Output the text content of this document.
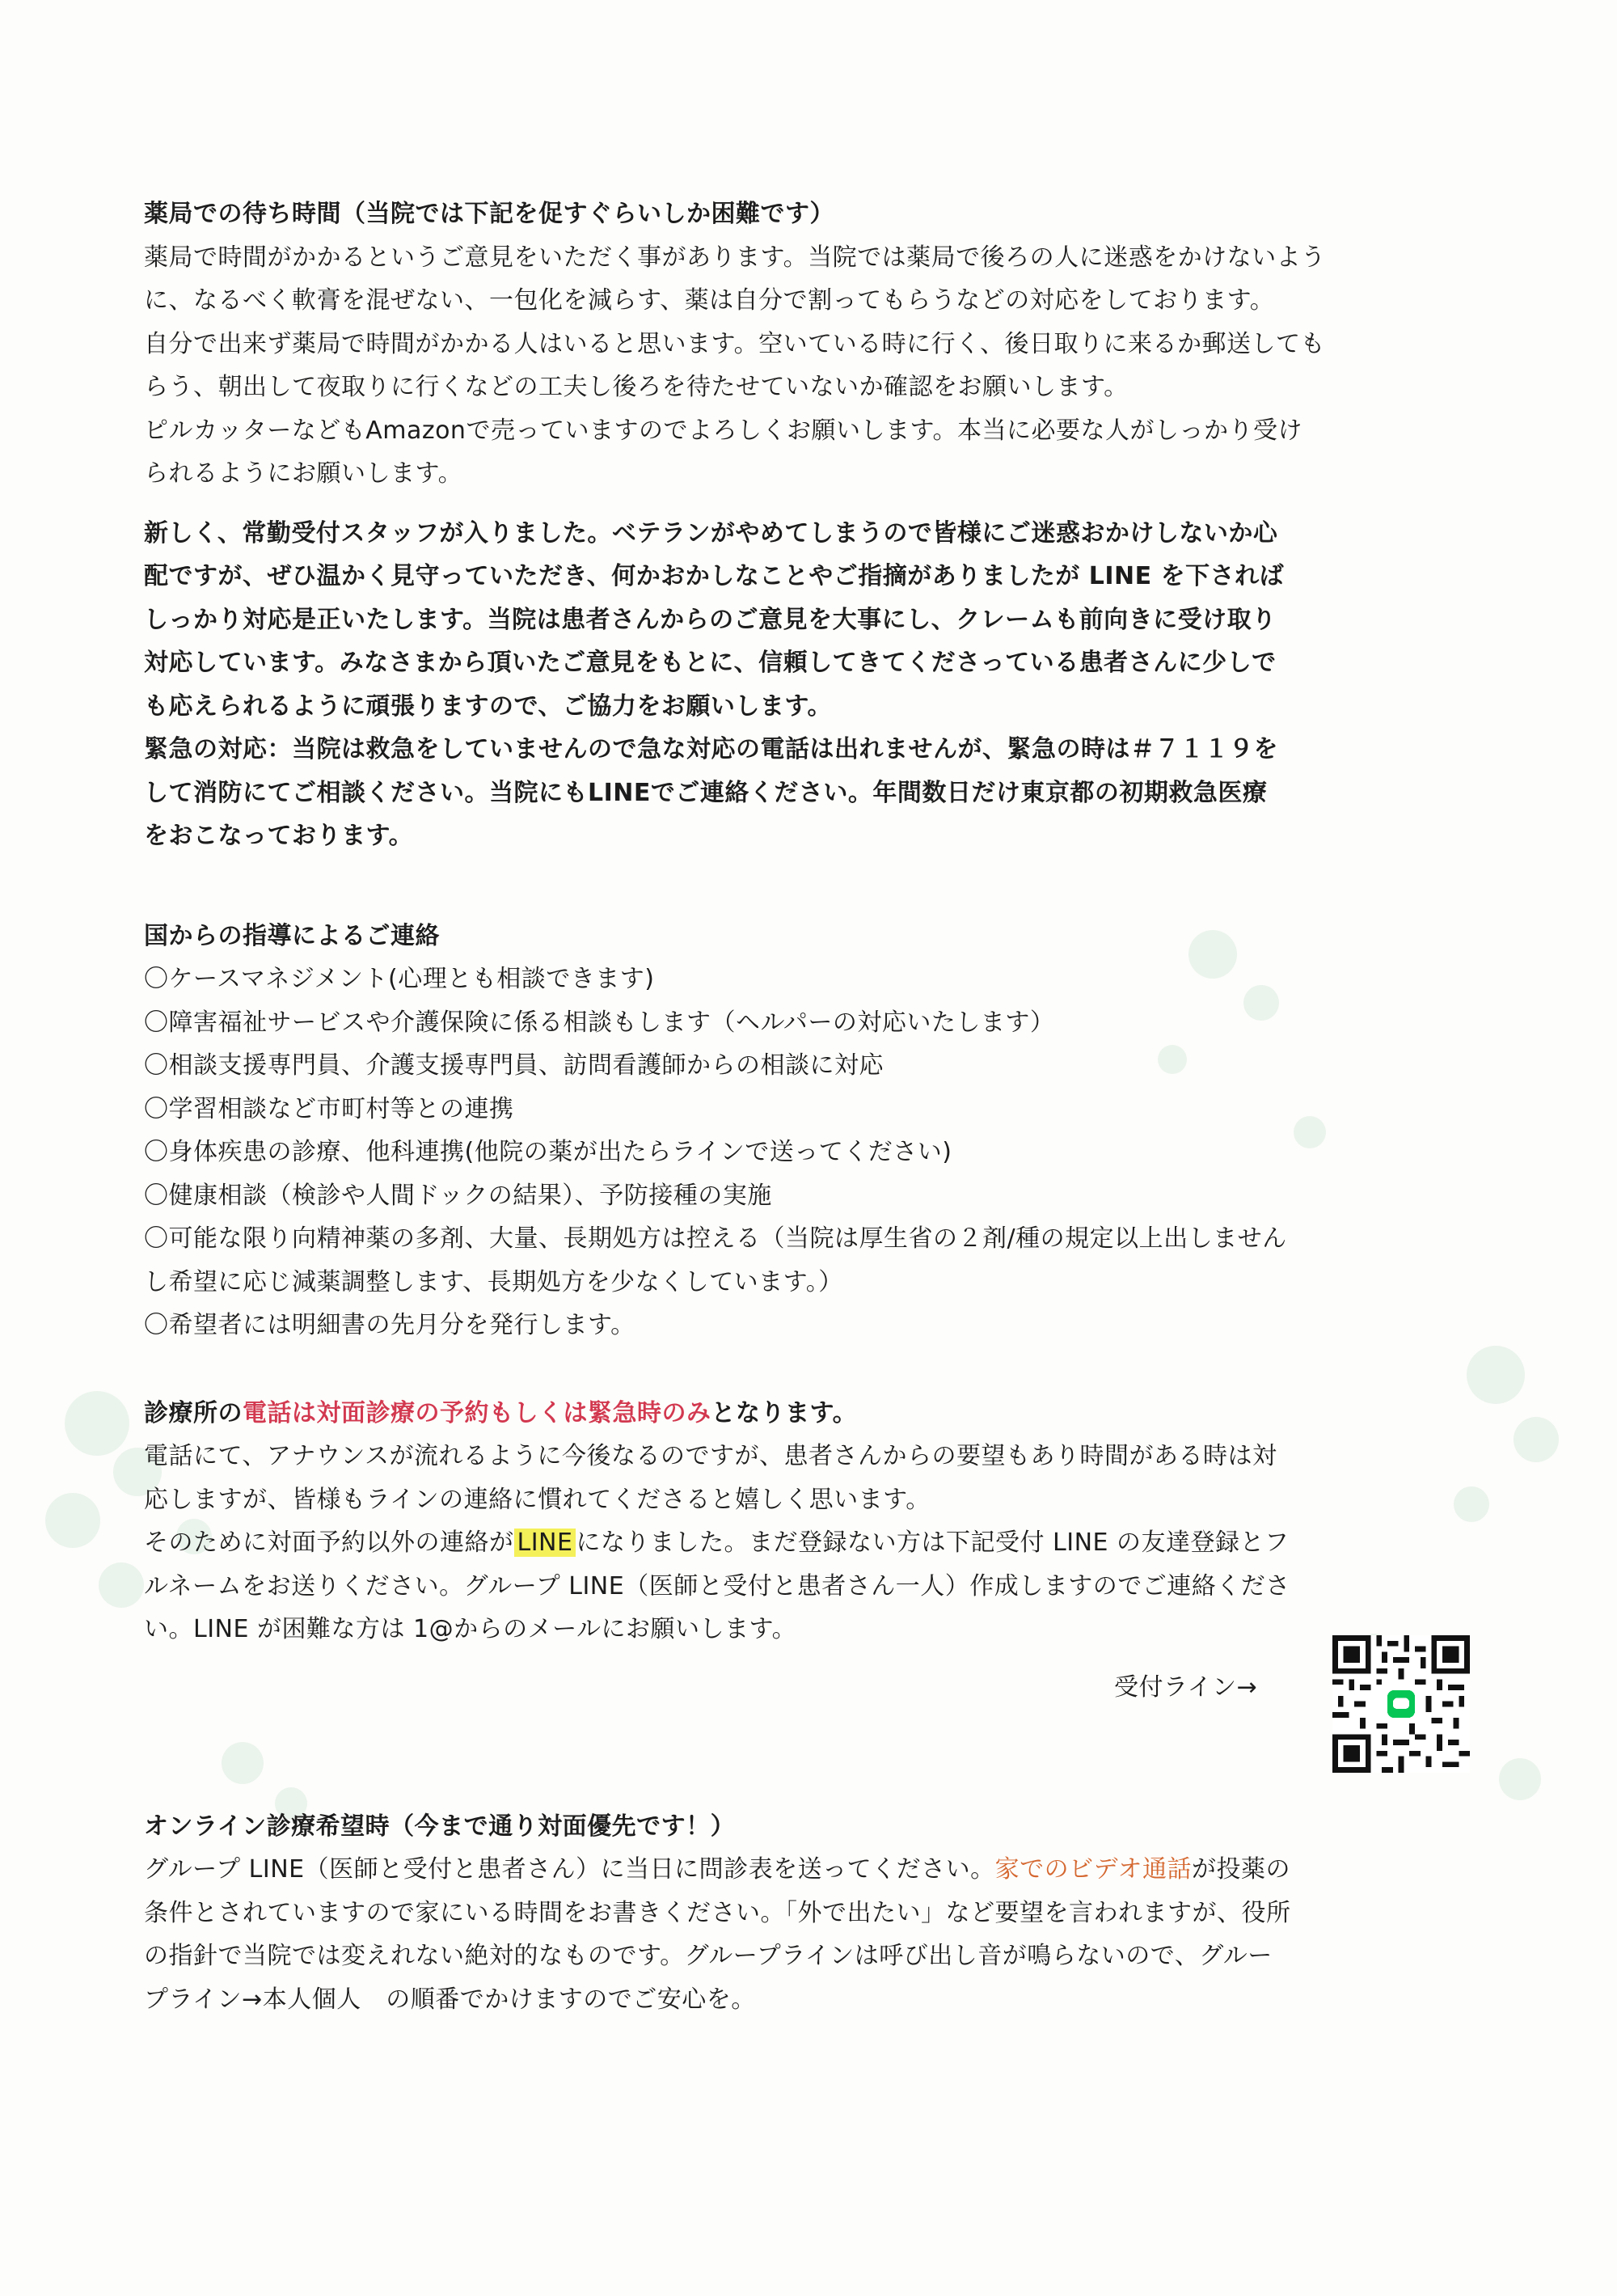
薬局での待ち時間（当院では下記を促すぐらいしか困難です）
薬局で時間がかかるというご意見をいただく事があります。当院では薬局で後ろの人に迷惑をかけないよう
に、なるべく軟膏を混ぜない、一包化を減らす、薬は自分で割ってもらうなどの対応をしております。
自分で出来ず薬局で時間がかかる人はいると思います。空いている時に行く、後日取りに来るか郵送しても
らう、朝出して夜取りに行くなどの工夫し後ろを待たせていないか確認をお願いします。
ピルカッターなどもAmazonで売っていますのでよろしくお願いします。本当に必要な人がしっかり受け
られるようにお願いします。
新しく、常勤受付スタッフが入りました。ベテランがやめてしまうので皆様にご迷惑おかけしないか心
配ですが、ぜひ温かく見守っていただき、何かおかしなことやご指摘がありましたが LINE を下されば
しっかり対応是正いたします。当院は患者さんからのご意見を大事にし、クレームも前向きに受け取り
対応しています。みなさまから頂いたご意見をもとに、信頼してきてくださっている患者さんに少しで
も応えられるように頑張りますので、ご協力をお願いします。
緊急の対応：当院は救急をしていませんので急な対応の電話は出れませんが、緊急の時は＃７１１９を
して消防にてご相談ください。当院にもLINEでご連絡ください。年間数日だけ東京都の初期救急医療
をおこなっております。
国からの指導によるご連絡
〇ケースマネジメント(心理とも相談できます)
〇障害福祉サービスや介護保険に係る相談もします（ヘルパーの対応いたします）
〇相談支援専門員、介護支援専門員、訪問看護師からの相談に対応
〇学習相談など市町村等との連携
〇身体疾患の診療、他科連携(他院の薬が出たらラインで送ってください)
〇健康相談（検診や人間ドックの結果）、予防接種の実施
〇可能な限り向精神薬の多剤、大量、長期処方は控える（当院は厚生省の２剤/種の規定以上出しません
し希望に応じ減薬調整します、長期処方を少なくしています。）
〇希望者には明細書の先月分を発行します。
診療所の電話は対面診療の予約もしくは緊急時のみとなります。
電話にて、アナウンスが流れるように今後なるのですが、患者さんからの要望もあり時間がある時は対
応しますが、皆様もラインの連絡に慣れてくださると嬉しく思います。
そのために対面予約以外の連絡が LINE になりました。まだ登録ない方は下記受付 LINE の友達登録とフ
ルネームをお送りください。グループ LINE（医師と受付と患者さん一人）作成しますのでご連絡くださ
い。LINE が困難な方は 1@からのメールにお願いします。
受付ライン→
オンライン診療希望時（今まで通り対面優先です！）
グループ LINE（医師と受付と患者さん）に当日に問診表を送ってください。家でのビデオ通話が投薬の
条件とされていますので家にいる時間をお書きください。「外で出たい」など要望を言われますが、役所
の指針で当院では変えれない絶対的なものです。グループラインは呼び出し音が鳴らないので、グルー
プライン→本人個人　の順番でかけますのでご安心を。
